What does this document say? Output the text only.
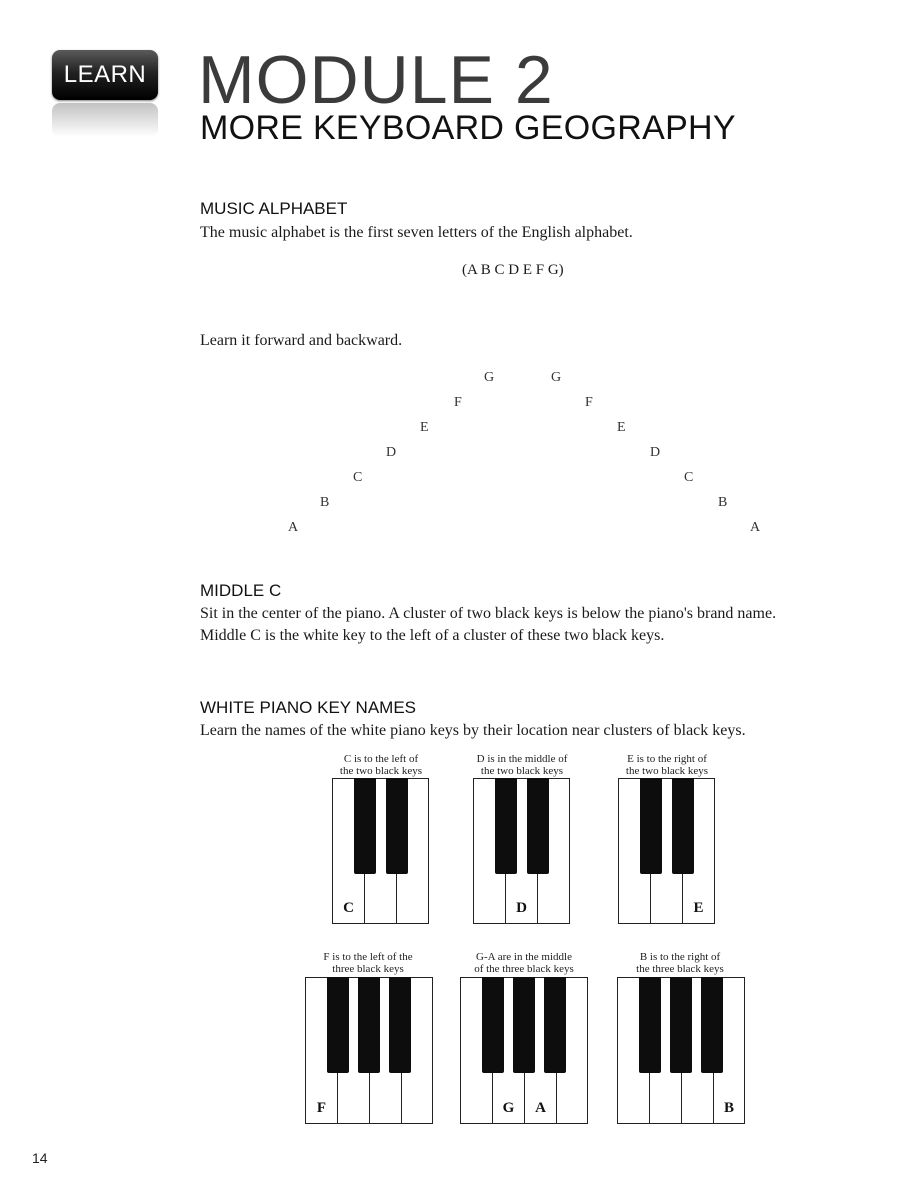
LEARN MODULE 2
MORE KEYBOARD GEOGRAPHY
MUSIC ALPHABET
The music alphabet is the first seven letters of the English alphabet.
(A B C D E F G)
Learn it forward and backward.
A
B
C
D
E
F
G	G
F
E
D
C
B
A
MIDDLE C
Sit in the center of the piano. A cluster of two black keys is below the piano's brand name.
Middle C is the white key to the left of a cluster of these two black keys.
WHITE PIANO KEY NAMES
Learn the names of the white piano keys by their location near clusters of black keys.
C is to the left of
the two black keys
C
D is in the middle of
the two black keys
D
E is to the right of
the two black keys
E
F is to the left of the
three black keys
F
G-A are in the middle
of the three black keys
G	A
B is to the right of
the three black keys
B
14
